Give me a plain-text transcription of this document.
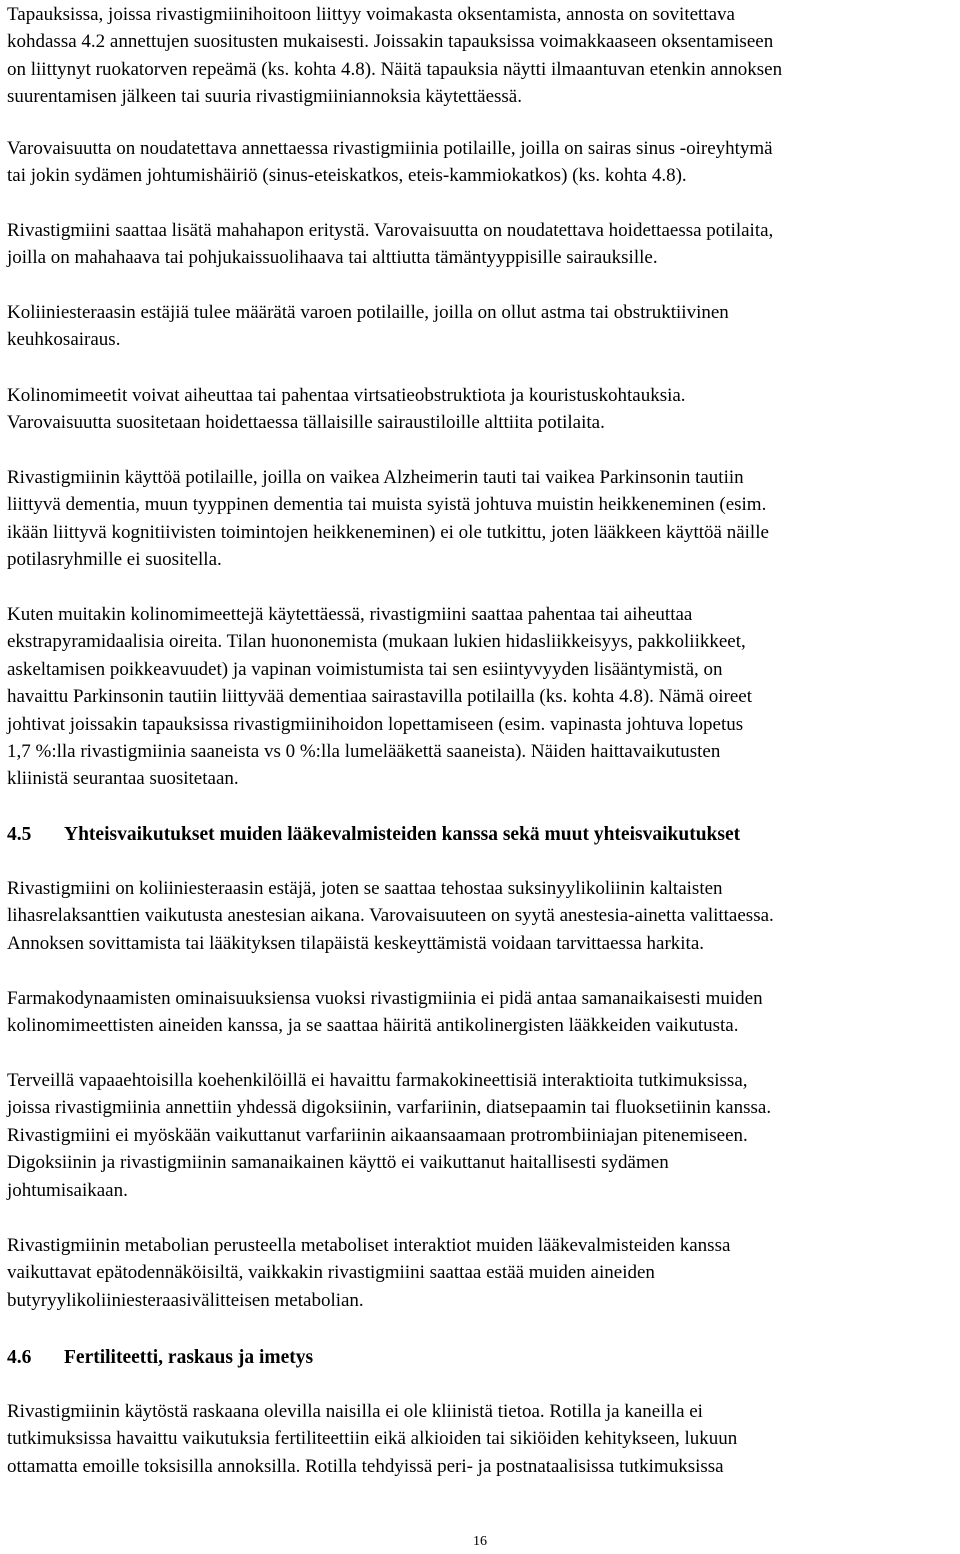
Tapauksissa, joissa rivastigmiinihoitoon liittyy voimakasta oksentamista, annosta on sovitettava
kohdassa 4.2 annettujen suositusten mukaisesti. Joissakin tapauksissa voimakkaaseen oksentamiseen
on liittynyt ruokatorven repeämä (ks. kohta 4.8). Näitä tapauksia näytti ilmaantuvan etenkin annoksen
suurentamisen jälkeen tai suuria rivastigmiiniannoksia käytettäessä.

Varovaisuutta on noudatettava annettaessa rivastigmiinia potilaille, joilla on sairas sinus -oireyhtymä
tai jokin sydämen johtumishäiriö (sinus-eteiskatkos, eteis-kammiokatkos) (ks. kohta 4.8).

Rivastigmiini saattaa lisätä mahahapon eritystä. Varovaisuutta on noudatettava hoidettaessa potilaita,
joilla on mahahaava tai pohjukaissuolihaava tai alttiutta tämäntyyppisille sairauksille.

Koliiniesteraasin estäjiä tulee määrätä varoen potilaille, joilla on ollut astma tai obstruktiivinen
keuhkosairaus.

Kolinomimeetit voivat aiheuttaa tai pahentaa virtsatieobstruktiota ja kouristuskohtauksia.
Varovaisuutta suositetaan hoidettaessa tällaisille sairaustiloille alttiita potilaita.

Rivastigmiinin käyttöä potilaille, joilla on vaikea Alzheimerin tauti tai vaikea Parkinsonin tautiin
liittyvä dementia, muun tyyppinen dementia tai muista syistä johtuva muistin heikkeneminen (esim.
ikään liittyvä kognitiivisten toimintojen heikkeneminen) ei ole tutkittu, joten lääkkeen käyttöä näille
potilasryhmille ei suositella.

Kuten muitakin kolinomimeettejä käytettäessä, rivastigmiini saattaa pahentaa tai aiheuttaa
ekstrapyramidaalisia oireita. Tilan huononemista (mukaan lukien hidasliikkeisyys, pakkoliikkeet,
askeltamisen poikkeavuudet) ja vapinan voimistumista tai sen esiintyvyyden lisääntymistä, on
havaittu Parkinsonin tautiin liittyvää dementiaa sairastavilla potilailla (ks. kohta 4.8). Nämä oireet
johtivat joissakin tapauksissa rivastigmiinihoidon lopettamiseen (esim. vapinasta johtuva lopetus
1,7 %:lla rivastigmiinia saaneista vs 0 %:lla lumelääkettä saaneista). Näiden haittavaikutusten
kliinistä seurantaa suositetaan.

4.5 Yhteisvaikutukset muiden lääkevalmisteiden kanssa sekä muut yhteisvaikutukset

Rivastigmiini on koliiniesteraasin estäjä, joten se saattaa tehostaa suksinyylikoliinin kaltaisten
lihasrelaksanttien vaikutusta anestesian aikana. Varovaisuuteen on syytä anestesia-ainetta valittaessa.
Annoksen sovittamista tai lääkityksen tilapäistä keskeyttämistä voidaan tarvittaessa harkita.

Farmakodynaamisten ominaisuuksiensa vuoksi rivastigmiinia ei pidä antaa samanaikaisesti muiden
kolinomimeettisten aineiden kanssa, ja se saattaa häiritä antikolinergisten lääkkeiden vaikutusta.

Terveillä vapaaehtoisilla koehenkilöillä ei havaittu farmakokineettisiä interaktioita tutkimuksissa,
joissa rivastigmiinia annettiin yhdessä digoksiinin, varfariinin, diatsepaamin tai fluoksetiinin kanssa.
Rivastigmiini ei myöskään vaikuttanut varfariinin aikaansaamaan protrombiiniajan pitenemiseen.
Digoksiinin ja rivastigmiinin samanaikainen käyttö ei vaikuttanut haitallisesti sydämen
johtumisaikaan.

Rivastigmiinin metabolian perusteella metaboliset interaktiot muiden lääkevalmisteiden kanssa
vaikuttavat epätodennäköisiltä, vaikkakin rivastigmiini saattaa estää muiden aineiden
butyryylikoliiniesteraasivälitteisen metabolian.

4.6 Fertiliteetti, raskaus ja imetys

Rivastigmiinin käytöstä raskaana olevilla naisilla ei ole kliinistä tietoa. Rotilla ja kaneilla ei
tutkimuksissa havaittu vaikutuksia fertiliteettiin eikä alkioiden tai sikiöiden kehitykseen, lukuun
ottamatta emoille toksisilla annoksilla. Rotilla tehdyissä peri- ja postnataalisissa tutkimuksissa

16
